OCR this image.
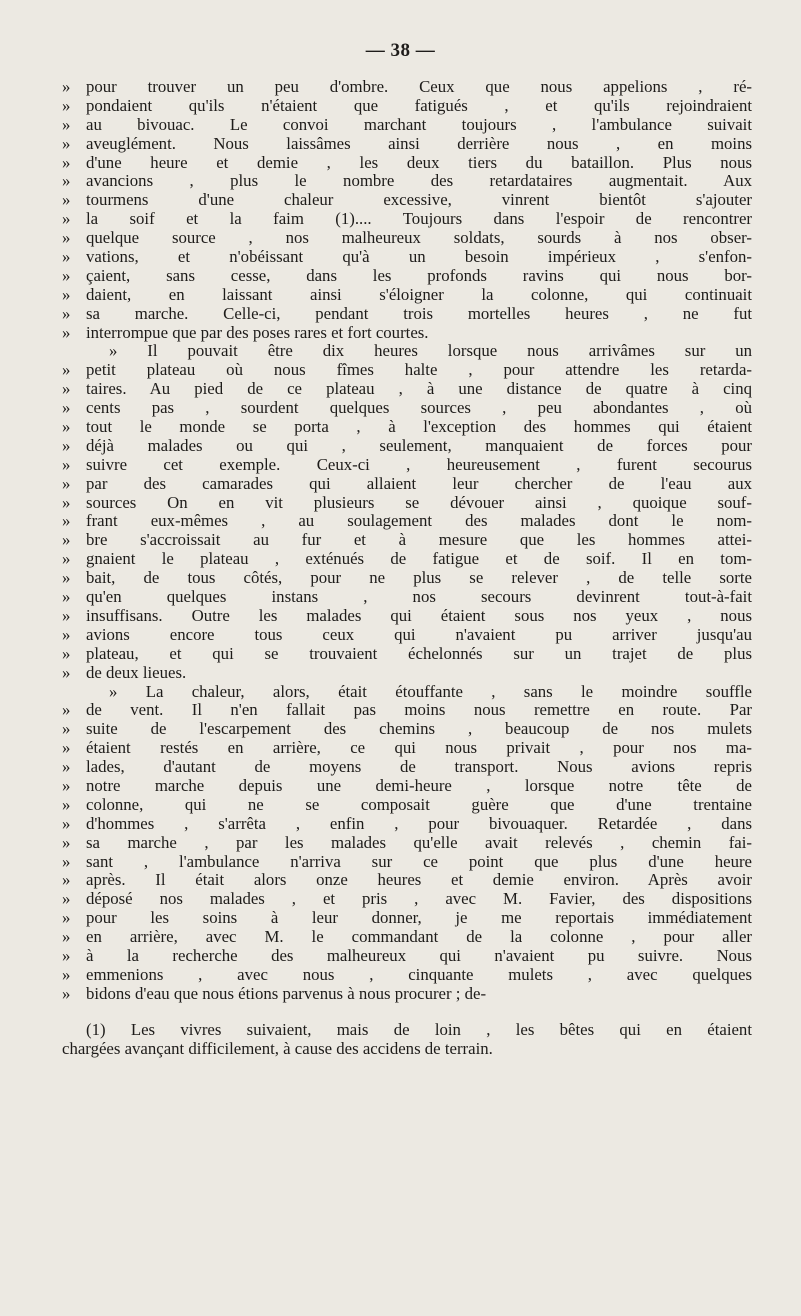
— 38 —
» pour trouver un peu d'ombre. Ceux que nous appelions , ré-
» pondaient qu'ils n'étaient que fatigués , et qu'ils rejoindraient
» au bivouac. Le convoi marchant toujours , l'ambulance suivait
» aveuglément. Nous laissâmes ainsi derrière nous , en moins
» d'une heure et demie , les deux tiers du bataillon. Plus nous
» avancions , plus le nombre des retardataires augmentait. Aux
» tourmens d'une chaleur excessive, vinrent bientôt s'ajouter
» la soif et la faim (1).... Toujours dans l'espoir de rencontrer
» quelque source , nos malheureux soldats, sourds à nos obser-
» vations, et n'obéissant qu'à un besoin impérieux , s'enfon-
» çaient, sans cesse, dans les profonds ravins qui nous bor-
» daient, en laissant ainsi s'éloigner la colonne, qui continuait
» sa marche. Celle-ci, pendant trois mortelles heures , ne fut
» interrompue que par des poses rares et fort courtes.
» Il pouvait être dix heures lorsque nous arrivâmes sur un
» petit plateau où nous fîmes halte , pour attendre les retarda-
» taires. Au pied de ce plateau , à une distance de quatre à cinq
» cents pas , sourdent quelques sources , peu abondantes , où
» tout le monde se porta , à l'exception des hommes qui étaient
» déjà malades ou qui , seulement, manquaient de forces pour
» suivre cet exemple. Ceux-ci , heureusement , furent secourus
» par des camarades qui allaient leur chercher de l'eau aux
» sources On en vit plusieurs se dévouer ainsi , quoique souf-
» frant eux-mêmes , au soulagement des malades dont le nom-
» bre s'accroissait au fur et à mesure que les hommes attei-
» gnaient le plateau , exténués de fatigue et de soif. Il en tom-
» bait, de tous côtés, pour ne plus se relever , de telle sorte
» qu'en quelques instans , nos secours devinrent tout-à-fait
» insuffisans. Outre les malades qui étaient sous nos yeux , nous
» avions encore tous ceux qui n'avaient pu arriver jusqu'au
» plateau, et qui se trouvaient échelonnés sur un trajet de plus
» de deux lieues.
» La chaleur, alors, était étouffante , sans le moindre souffle
» de vent. Il n'en fallait pas moins nous remettre en route. Par
» suite de l'escarpement des chemins , beaucoup de nos mulets
» étaient restés en arrière, ce qui nous privait , pour nos ma-
» lades, d'autant de moyens de transport. Nous avions repris
» notre marche depuis une demi-heure , lorsque notre tête de
» colonne, qui ne se composait guère que d'une trentaine
» d'hommes , s'arrêta , enfin , pour bivouaquer. Retardée , dans
» sa marche , par les malades qu'elle avait relevés , chemin fai-
» sant , l'ambulance n'arriva sur ce point que plus d'une heure
» après. Il était alors onze heures et demie environ. Après avoir
» déposé nos malades , et pris , avec M. Favier, des dispositions
» pour les soins à leur donner, je me reportais immédiatement
» en arrière, avec M. le commandant de la colonne , pour aller
» à la recherche des malheureux qui n'avaient pu suivre. Nous
» emmenions , avec nous , cinquante mulets , avec quelques
» bidons d'eau que nous étions parvenus à nous procurer ; de-
(1) Les vivres suivaient, mais de loin , les bêtes qui en étaient
chargées avançant difficilement, à cause des accidens de terrain.
